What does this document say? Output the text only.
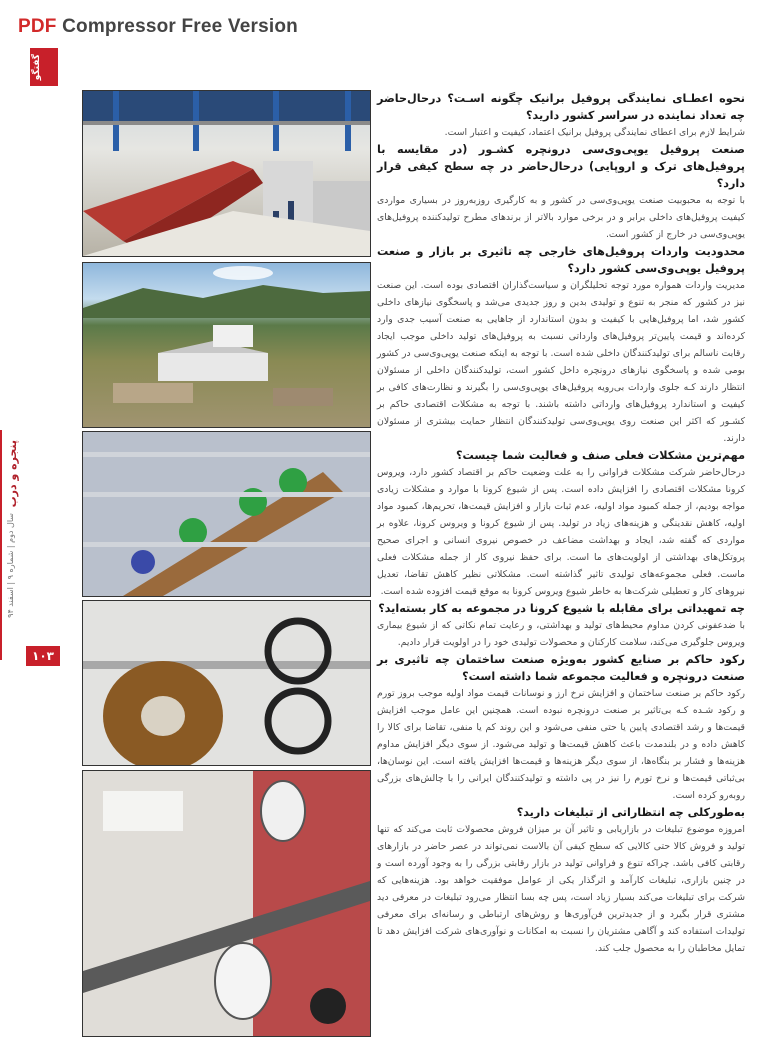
PDF Compressor Free Version
گفتگو
پنجره و درب
سال دوم | شماره ۹ | اسفند ۹۴
۱۰۳

نحوه اعطـای نمایندگی پروفیل برانیک چگونه اسـت؟ درحال‌حاضر چه تعداد نماینده در سراسر کشور دارید؟

شرایط لازم برای اعطای نمایندگی پروفیل برانیک اعتماد، کیفیت و اعتبار است.

صنعت پروفیل یوپی‌وی‌سی درونچره کشـور (در مقایسه با پروفیل‌های ترک و اروپایی) درحال‌حاضر در چه سطح کیفی قرار دارد؟

با توجه به محبوبیت صنعت یوپی‌وی‌سی در کشور و به کارگیری روزبه‌روز در بسیاری مواردی کیفیت پروفیل‌های داخلی برابر و در برخی موارد بالاتر از برندهای مطرح تولیدکننده پروفیل‌های یوپی‌وی‌سی در خارج از کشور است.

محدودیت واردات پروفیل‌های خارجی چه تاثیری بر بازار و صنعت پروفیل یوپی‌وی‌سی کشور دارد؟

مدیریت واردات همواره مورد توجه تحلیلگران و سیاست‌گذاران اقتصادی بوده است. این صنعت نیز در کشور که منجر به تنوع و تولیدی بدین و روز جدیدی می‌شد و پاسخگوی نیازهای داخلی کشور شد، اما پروفیل‌هایی با کیفیت و بدون استاندارد از جاهایی به صنعت آسیب جدی وارد کرده‌اند و قیمت پایین‌تر پروفیل‌های وارداتی نسبت به پروفیل‌های تولید داخلی موجب ایجاد رقابت ناسالم برای تولیدکنندگان داخلی شده است. با توجه به اینکه صنعت یوپی‌وی‌سی در کشور بومی شده و پاسخگوی نیازهای درونچره داخل کشور است، تولیدکنندگان داخلی از مسئولان انتظار دارند کـه جلوی واردات بی‌رویه پروفیل‌های یوپی‌وی‌سی را بگیرند و نظارت‌های کافی بر کیفیت و استاندارد پروفیل‌های وارداتی داشته باشند. با توجه به مشکلات اقتصادی حاکم بر کشـور که اکثر این صنعت روی یوپی‌وی‌سی تولیدکنندگان انتظار حمایت بیشتری از مسئولان دارند.

مهم‌ترین مشکلات فعلی صنف و فعالیت شما چیست؟

درحال‌حاضر شرکت مشکلات فراوانی را به علت وضعیت حاکم بر اقتصاد کشور دارد، ویروس کرونا مشکلات اقتصادی را افزایش داده است. پس از شیوع کرونا با موارد و مشکلات زیادی مواجه بودیم، از جمله کمبود مواد اولیه، عدم ثبات بازار و افزایش قیمت‌ها، تحریم‌ها، کمبود مواد اولیه، کاهش نقدینگی و هزینه‌های زیاد در تولید. پس از شیوع کرونا و ویروس کرونا، علاوه بر مواردی که گفته شد، ایجاد و بهداشت مضاعف در خصوص نیروی انسانی و اجرای صحیح پروتکل‌های بهداشتی از اولویت‌های ما است. برای حفظ نیروی کار از جمله مشکلات فعلی ماست. فعلی مجموعه‌های تولیدی تاثیر گذاشته است. مشکلاتی نظیر کاهش تقاضا، تعدیل نیروهای کار و تعطیلی شرکت‌ها به خاطر شیوع ویروس کرونا به موقع قیمت افزوده شده است.

چه تمهیداتی برای مقابله با شیوع کرونا در مجموعه به کار بسته‌اید؟

با ضدعفونی کردن مداوم محیط‌های تولید و بهداشتی، و رعایت تمام نکاتی که از شیوع بیماری ویروس جلوگیری می‌کند، سلامت کارکنان و محصولات تولیدی خود را در اولویت قرار دادیم.

رکود حاکم بر صنایع کشور به‌ویژه صنعت ساختمان چه تاثیری بر صنعت درونچره و فعالیت مجموعه شما داشته است؟

رکود حاکم بر صنعت ساختمان و افزایش نرخ ارز و نوسانات قیمت مواد اولیه موجب بروز تورم و رکود شـده کـه بی‌تاثیر بر صنعت درونچره نبوده است. همچنین این عامل موجب افزایش قیمت‌ها و رشد اقتصادی پایین یا حتی منفی می‌شود و این روند کم یا منفی، تقاضا برای کالا را کاهش داده و در بلندمدت باعث کاهش قیمت‌ها و تولید می‌شود. از سوی دیگر افزایش مداوم هزینه‌ها و فشار بر بنگاه‌ها، از سوی دیگر هزینه‌ها و قیمت‌ها افزایش یافته است. این نوسان‌ها، بی‌ثباتی قیمت‌ها و نرخ تورم را نیز در پی داشته و تولیدکنندگان ایرانی را با چالش‌های بزرگی روبه‌رو کرده است.

به‌طورکلی چه انتظاراتی از تبلیغات دارید؟

امروزه موضوع تبلیغات در بازاریابی و تاثیر آن بر میزان فروش محصولات ثابت می‌کند که تنها تولید و فروش کالا حتی کالایی که سطح کیفی آن بالاست نمی‌تواند در عصر حاضر در بازارهای رقابتی کافی باشد. چراکه تنوع و فراوانی تولید در بازار رقابتی بزرگی را به وجود آورده است و در چنین بازاری، تبلیغات کارآمد و اثرگذار یکی از عوامل موفقیت خواهد بود. هزینه‌هایی که شرکت برای تبلیغات می‌کند بسیار زیاد است، پس چه بسا انتظار می‌رود تبلیغات در معرفی دید مشتری قرار بگیرد و از جدیدترین فن‌آوری‌ها و روش‌های ارتباطی و رسانه‌ای برای معرفی تولیدات استفاده کند و آگاهی مشتریان را نسبت به امکانات و نوآوری‌های شرکت افزایش دهد تا تمایل مخاطبان را به محصول جلب کند.
